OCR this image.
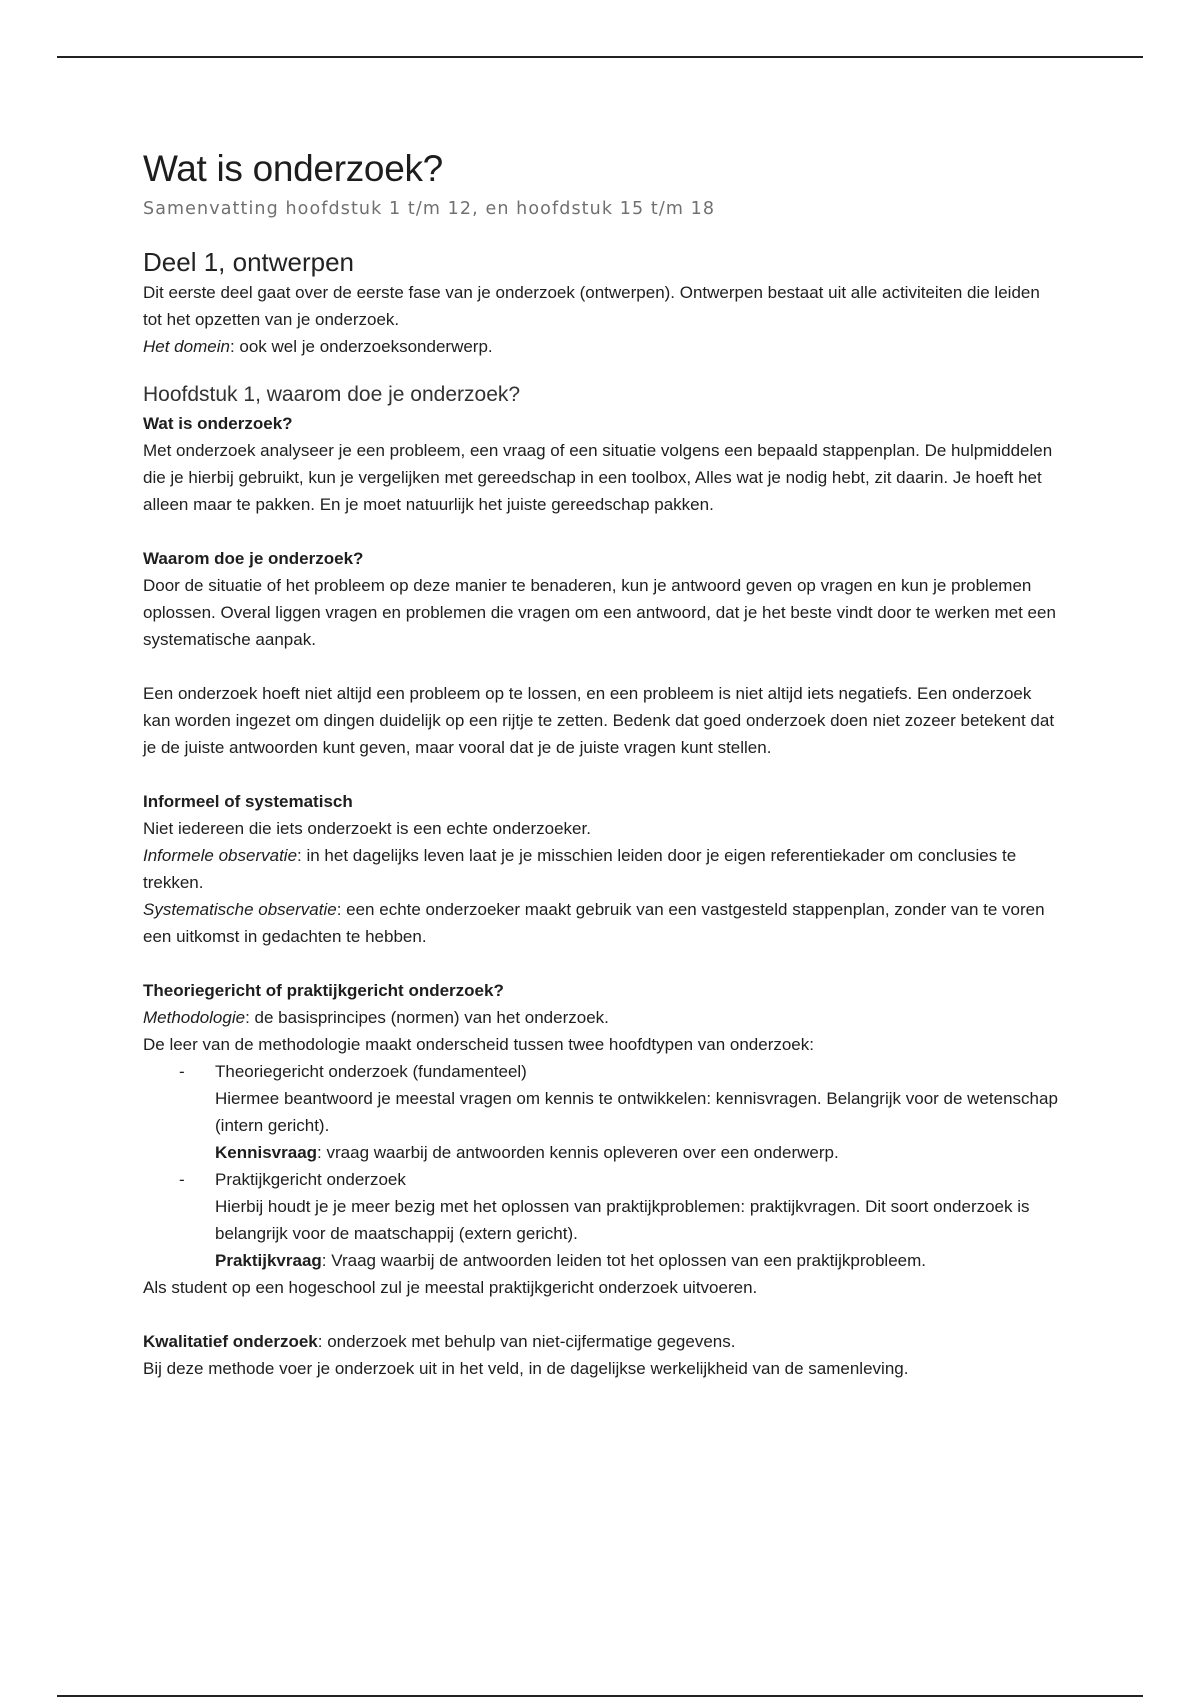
Wat is onderzoek?
Samenvatting hoofdstuk 1 t/m 12, en hoofdstuk 15 t/m 18
Deel 1, ontwerpen

Dit eerste deel gaat over de eerste fase van je onderzoek (ontwerpen). Ontwerpen bestaat uit alle activiteiten die leiden tot het opzetten van je onderzoek.

Het domein: ook wel je onderzoeksonderwerp.

Hoofdstuk 1, waarom doe je onderzoek?

Wat is onderzoek?

Met onderzoek analyseer je een probleem, een vraag of een situatie volgens een bepaald stappenplan. De hulpmiddelen die je hierbij gebruikt, kun je vergelijken met gereedschap in een toolbox, Alles wat je nodig hebt, zit daarin. Je hoeft het alleen maar te pakken. En je moet natuurlijk het juiste gereedschap pakken.

Waarom doe je onderzoek?

Door de situatie of het probleem op deze manier te benaderen, kun je antwoord geven op vragen en kun je problemen oplossen. Overal liggen vragen en problemen die vragen om een antwoord, dat je het beste vindt door te werken met een systematische aanpak.

Een onderzoek hoeft niet altijd een probleem op te lossen, en een probleem is niet altijd iets negatiefs. Een onderzoek kan worden ingezet om dingen duidelijk op een rijtje te zetten. Bedenk dat goed onderzoek doen niet zozeer betekent dat je de juiste antwoorden kunt geven, maar vooral dat je de juiste vragen kunt stellen.

Informeel of systematisch

Niet iedereen die iets onderzoekt is een echte onderzoeker.

Informele observatie: in het dagelijks leven laat je je misschien leiden door je eigen referentiekader om conclusies te trekken.

Systematische observatie: een echte onderzoeker maakt gebruik van een vastgesteld stappenplan, zonder van te voren een uitkomst in gedachten te hebben.

Theoriegericht of praktijkgericht onderzoek?

Methodologie: de basisprincipes (normen) van het onderzoek.

De leer van de methodologie maakt onderscheid tussen twee hoofdtypen van onderzoek:

- Theoriegericht onderzoek (fundamenteel)

Hiermee beantwoord je meestal vragen om kennis te ontwikkelen: kennisvragen. Belangrijk voor de wetenschap (intern gericht).

Kennisvraag: vraag waarbij de antwoorden kennis opleveren over een onderwerp.

- Praktijkgericht onderzoek

Hierbij houdt je je meer bezig met het oplossen van praktijkproblemen: praktijkvragen. Dit soort onderzoek is belangrijk voor de maatschappij (extern gericht).

Praktijkvraag: Vraag waarbij de antwoorden leiden tot het oplossen van een praktijkprobleem.

Als student op een hogeschool zul je meestal praktijkgericht onderzoek uitvoeren.

Kwalitatief onderzoek: onderzoek met behulp van niet-cijfermatige gegevens.

Bij deze methode voer je onderzoek uit in het veld, in de dagelijkse werkelijkheid van de samenleving.
